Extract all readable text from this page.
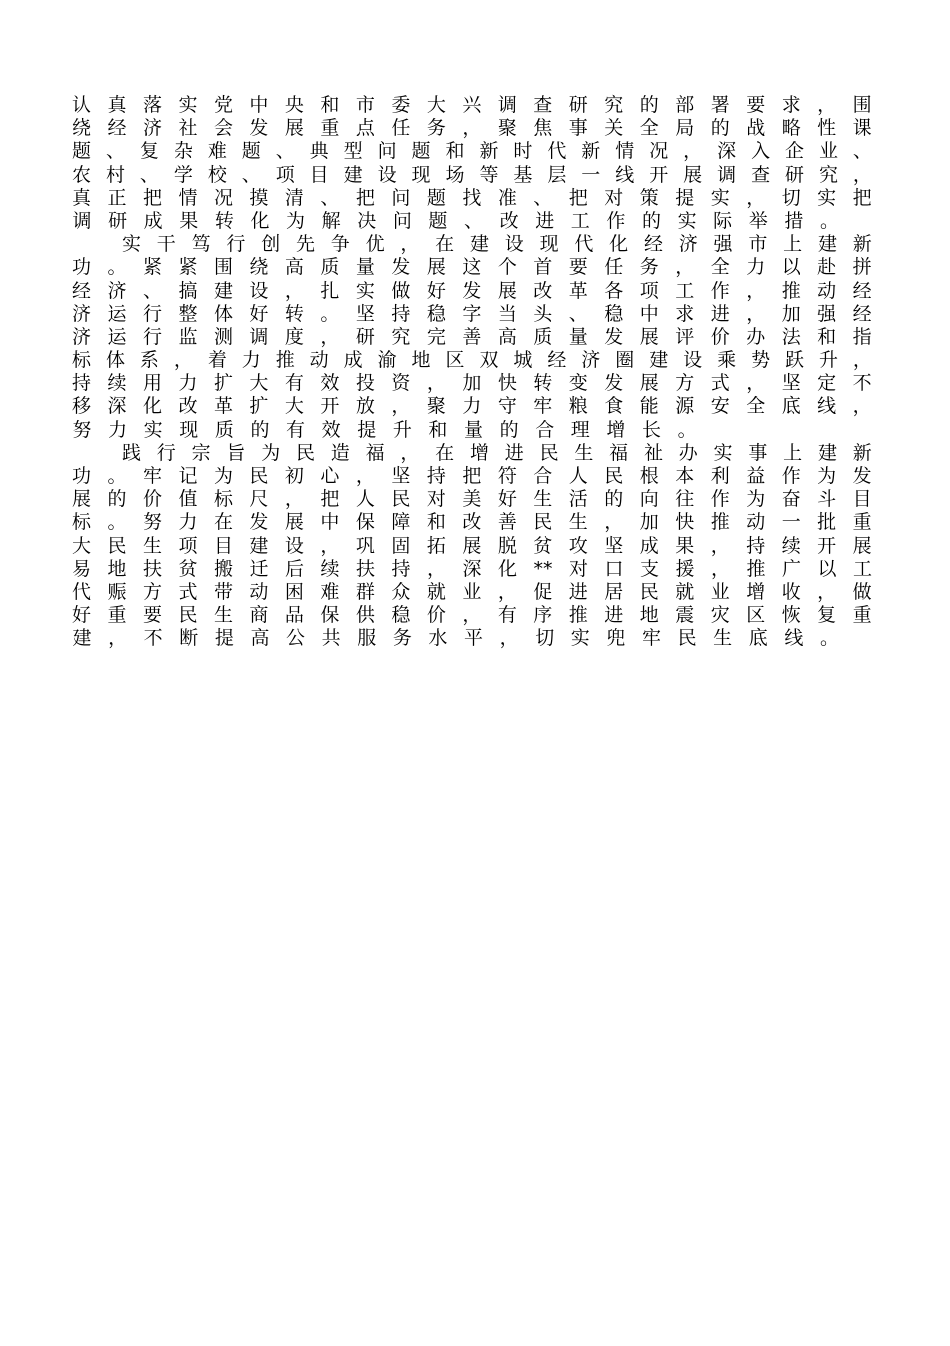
认 真 落 实 党 中 央 和 市 委 大 兴 调 查 研 究 的 部 署 要 求 ， 围
绕 经 济 社 会 发 展 重 点 任 务 ， 聚 焦 事 关 全 局 的 战 略 性 课
题 、 复 杂 难 题 、 典 型 问 题 和 新 时 代 新 情 况 ， 深 入 企 业 、
农 村 、 学 校 、 项 目 建 设 现 场 等 基 层 一 线 开 展 调 查 研 究 ，
真 正 把 情 况 摸 清 、 把 问 题 找 准 、 把 对 策 提 实 ， 切 实 把
调 研 成 果 转 化 为 解 决 问 题 、 改 进 工 作 的 实 际 举 措 。
实 干 笃 行 创 先 争 优 ， 在 建 设 现 代 化 经 济 强 市 上 建 新
功 。 紧 紧 围 绕 高 质 量 发 展 这 个 首 要 任 务 ， 全 力 以 赴 拼
经 济 、 搞 建 设 ， 扎 实 做 好 发 展 改 革 各 项 工 作 ， 推 动 经
济 运 行 整 体 好 转 。 坚 持 稳 字 当 头 、 稳 中 求 进 ， 加 强 经
济 运 行 监 测 调 度 ， 研 究 完 善 高 质 量 发 展 评 价 办 法 和 指
标 体 系 ， 着 力 推 动 成 渝 地 区 双 城 经 济 圈 建 设 乘 势 跃 升 ，
持 续 用 力 扩 大 有 效 投 资 ， 加 快 转 变 发 展 方 式 ， 坚 定 不
移 深 化 改 革 扩 大 开 放 ， 聚 力 守 牢 粮 食 能 源 安 全 底 线 ，
努 力 实 现 质 的 有 效 提 升 和 量 的 合 理 增 长 。
践 行 宗 旨 为 民 造 福 ， 在 增 进 民 生 福 祉 办 实 事 上 建 新
功 。 牢 记 为 民 初 心 ， 坚 持 把 符 合 人 民 根 本 利 益 作 为 发
展 的 价 值 标 尺 ， 把 人 民 对 美 好 生 活 的 向 往 作 为 奋 斗 目
标 。 努 力 在 发 展 中 保 障 和 改 善 民 生 ， 加 快 推 动 一 批 重
大 民 生 项 目 建 设 ， 巩 固 拓 展 脱 贫 攻 坚 成 果 ， 持 续 开 展
易 地 扶 贫 搬 迁 后 续 扶 持 ， 深 化 ** 对 口 支 援 ， 推 广 以 工
代 赈 方 式 带 动 困 难 群 众 就 业 ， 促 进 居 民 就 业 增 收 ， 做
好 重 要 民 生 商 品 保 供 稳 价 ， 有 序 推 进 地 震 灾 区 恢 复 重
建 ， 不 断 提 高 公 共 服 务 水 平 ， 切 实 兜 牢 民 生 底 线 。
